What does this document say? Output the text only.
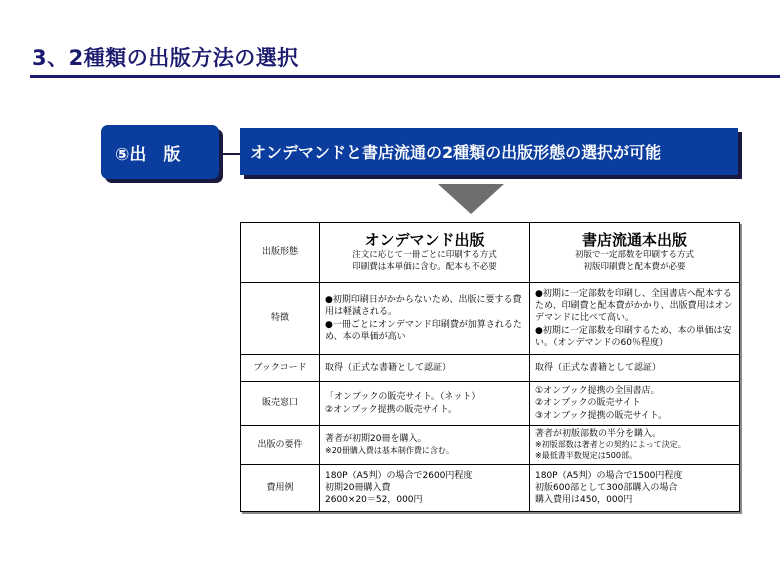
3、2種類の出版方法の選択
⑤出　版	オンデマンドと書店流通の2種類の出版形態の選択が可能
出版形態	オンデマンド出版
注文に応じて一冊ごとに印刷する方式
印刷費は本単価に含む。配本も不必要	書店流通本出版
初版で一定部数を印刷する方式
初版印刷費と配本費が必要

特徴	●初期印刷日がかからないため、出版に要する費用は軽減される。
●一冊ごとにオンデマンド印刷費が加算されるため、本の単価が高い	●初期に一定部数を印刷し、全国書店へ配本するため、印刷費と配本費がかかり、出版費用はオンデマンドに比べて高い。
●初期に一定部数を印刷するため、本の単価は安い。（オンデマンドの60％程度）

ブックコード	取得（正式な書籍として認証）	取得（正式な書籍として認証）

販売窓口	「オンブックの販売サイト。（ネット）
②オンブック提携の販売サイト。	①オンブック提携の全国書店。
②オンブックの販売サイト
③オンブック提携の販売サイト。

出版の要件	著者が初期20冊を購入。
※20冊購入費は基本制作費に含む。	著者が初版部数の半分を購入。
※初版部数は著者との契約によって決定。
※最低書半数規定は500部。

費用例	180P（A5判）の場合で2600円程度
初期20冊購入費
2600×20＝52，000円	180P（A5判）の場合で1500円程度
初版600部として300部購入の場合
購入費用は450，000円
